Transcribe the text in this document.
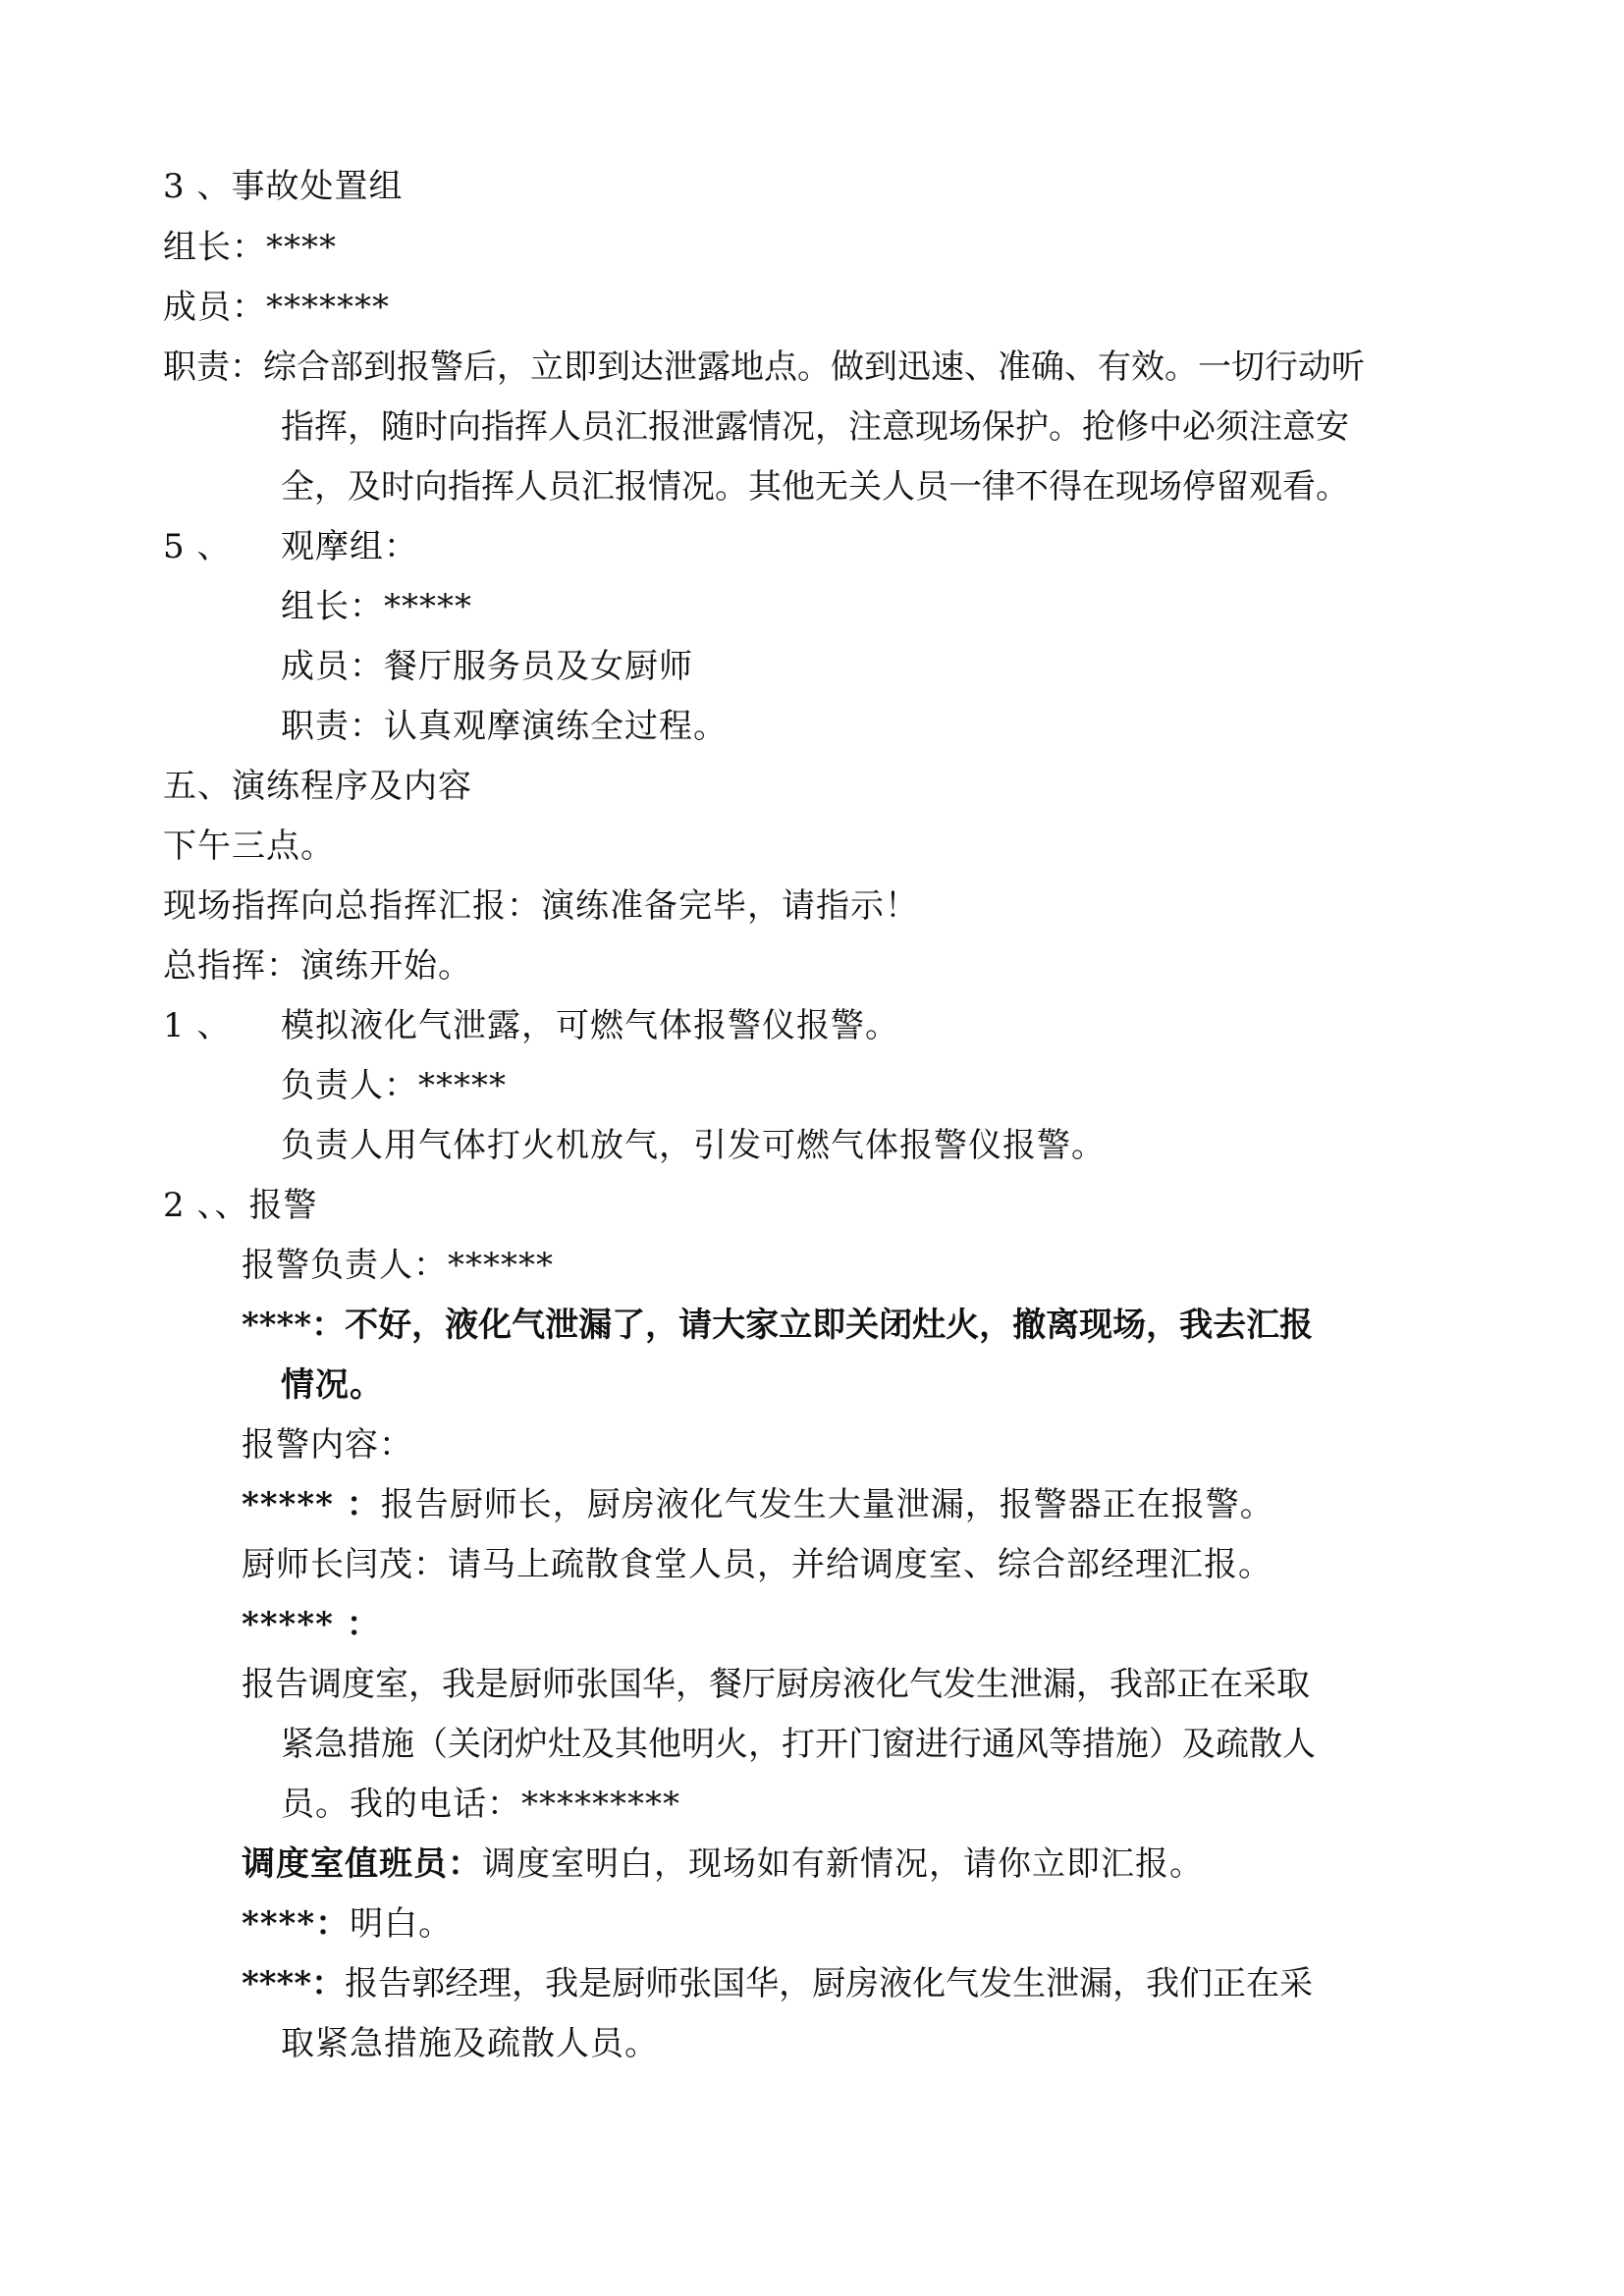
3 、事故处置组
组长：****
成员：*******
职责：综合部到报警后，立即到达泄露地点。做到迅速、准确、有效。一切行动听
指挥，随时向指挥人员汇报泄露情况，注意现场保护。抢修中必须注意安
全，及时向指挥人员汇报情况。其他无关人员一律不得在现场停留观看。
5 、 观摩组：
组长：*****
成员：餐厅服务员及女厨师
职责：认真观摩演练全过程。
五、演练程序及内容
下午三点。
现场指挥向总指挥汇报：演练准备完毕，请指示！
总指挥：演练开始。
1 、 模拟液化气泄露，可燃气体报警仪报警。
负责人：*****
负责人用气体打火机放气，引发可燃气体报警仪报警。
2 、、报警
报警负责人：******
****：不好，液化气泄漏了，请大家立即关闭灶火，撤离现场，我去汇报
情况。
报警内容：
***** ：报告厨师长，厨房液化气发生大量泄漏，报警器正在报警。
厨师长闫茂：请马上疏散食堂人员，并给调度室、综合部经理汇报。
***** ：
报告调度室，我是厨师张国华，餐厅厨房液化气发生泄漏，我部正在采取
紧急措施（关闭炉灶及其他明火，打开门窗进行通风等措施）及疏散人
员。我的电话：*********
调度室值班员：调度室明白，现场如有新情况，请你立即汇报。
****：明白。
****：报告郭经理，我是厨师张国华，厨房液化气发生泄漏，我们正在采
取紧急措施及疏散人员。
